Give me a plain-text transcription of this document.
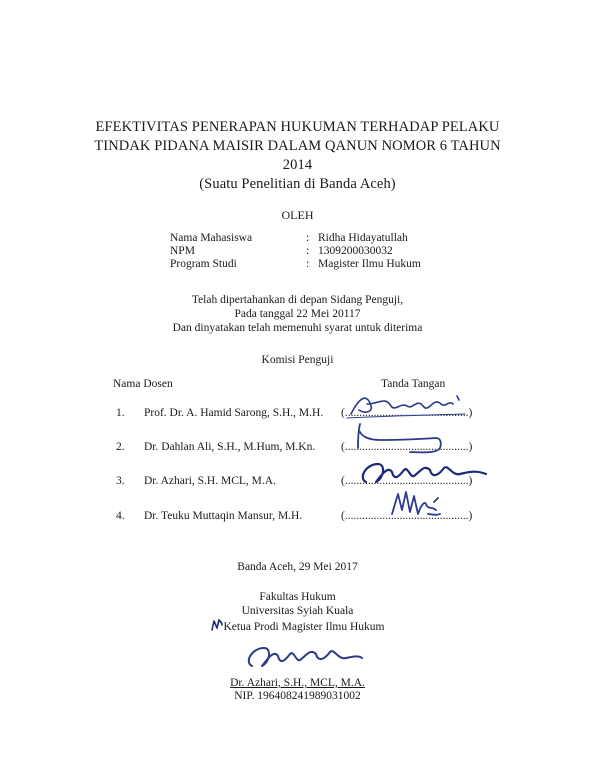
EFEKTIVITAS PENERAPAN HUKUMAN TERHADAP PELAKU
TINDAK PIDANA MAISIR DALAM QANUN NOMOR 6 TAHUN
2014
(Suatu Penelitian di Banda Aceh)
OLEH
Nama Mahasiswa	: Ridha Hidayatullah
NPM	: 1309200030032
Program Studi	: Magister Ilmu Hukum
Telah dipertahankan di depan Sidang Penguji,
Pada tanggal 22 Mei 20117
Dan dinyatakan telah memenuhi syarat untuk diterima
Komisi Penguji
Nama Dosen	Tanda Tangan
1. Prof. Dr. A. Hamid Sarong, S.H., M.H. (...........................................)
2. Dr. Dahlan Ali, S.H., M.Hum, M.Kn. (...........................................)
3. Dr. Azhari, S.H. MCL, M.A.	(...........................................)
4. Dr. Teuku Muttaqin Mansur, M.H.	(...........................................)
Banda Aceh, 29 Mei 2017
Fakultas Hukum
Universitas Syiah Kuala
Ketua Prodi Magister Ilmu Hukum
Dr. Azhari, S.H., MCL, M.A.
NIP. 196408241989031002
